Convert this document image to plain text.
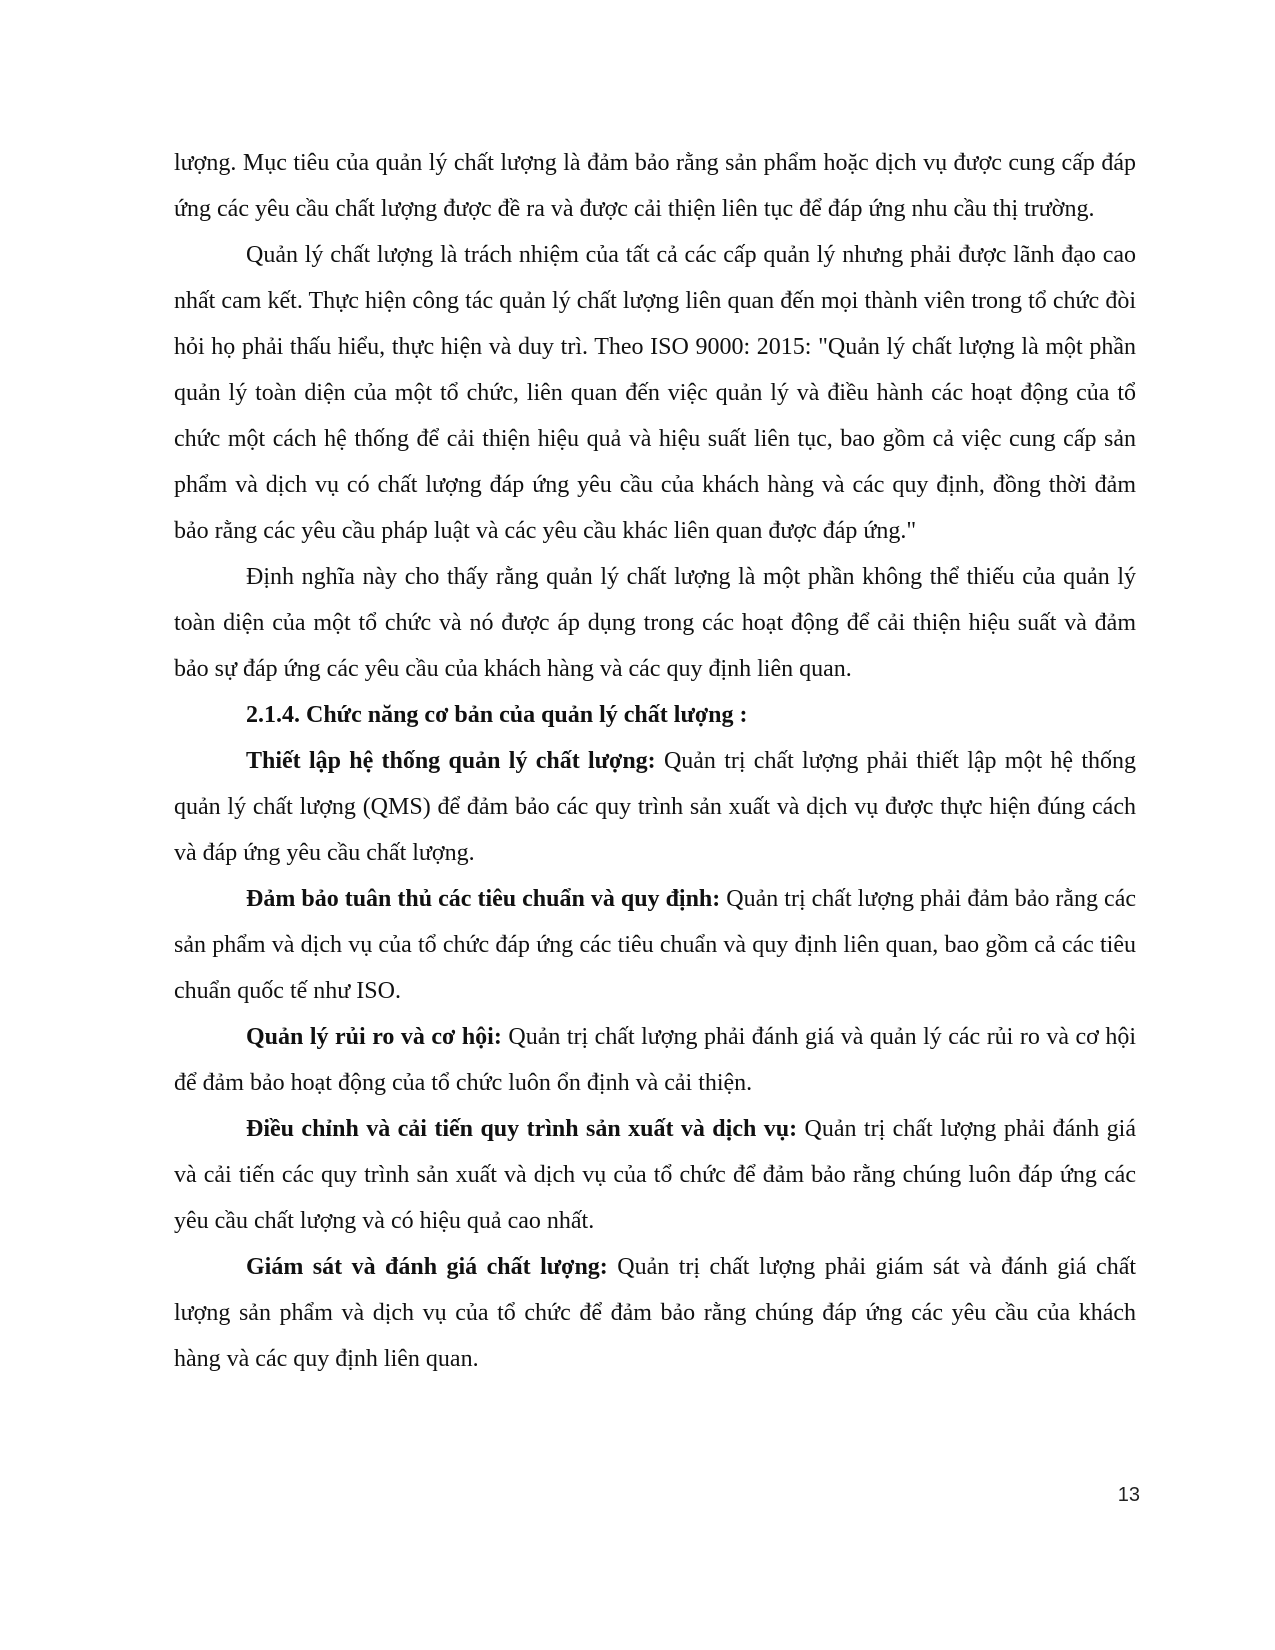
lượng. Mục tiêu của quản lý chất lượng là đảm bảo rằng sản phẩm hoặc dịch vụ được cung cấp đáp ứng các yêu cầu chất lượng được đề ra và được cải thiện liên tục để đáp ứng nhu cầu thị trường.

Quản lý chất lượng là trách nhiệm của tất cả các cấp quản lý nhưng phải được lãnh đạo cao nhất cam kết. Thực hiện công tác quản lý chất lượng liên quan đến mọi thành viên trong tổ chức đòi hỏi họ phải thấu hiểu, thực hiện và duy trì. Theo ISO 9000: 2015: "Quản lý chất lượng là một phần quản lý toàn diện của một tổ chức, liên quan đến việc quản lý và điều hành các hoạt động của tổ chức một cách hệ thống để cải thiện hiệu quả và hiệu suất liên tục, bao gồm cả việc cung cấp sản phẩm và dịch vụ có chất lượng đáp ứng yêu cầu của khách hàng và các quy định, đồng thời đảm bảo rằng các yêu cầu pháp luật và các yêu cầu khác liên quan được đáp ứng."

Định nghĩa này cho thấy rằng quản lý chất lượng là một phần không thể thiếu của quản lý toàn diện của một tổ chức và nó được áp dụng trong các hoạt động để cải thiện hiệu suất và đảm bảo sự đáp ứng các yêu cầu của khách hàng và các quy định liên quan.

2.1.4. Chức năng cơ bản của quản lý chất lượng :

Thiết lập hệ thống quản lý chất lượng: Quản trị chất lượng phải thiết lập một hệ thống quản lý chất lượng (QMS) để đảm bảo các quy trình sản xuất và dịch vụ được thực hiện đúng cách và đáp ứng yêu cầu chất lượng.

Đảm bảo tuân thủ các tiêu chuẩn và quy định: Quản trị chất lượng phải đảm bảo rằng các sản phẩm và dịch vụ của tổ chức đáp ứng các tiêu chuẩn và quy định liên quan, bao gồm cả các tiêu chuẩn quốc tế như ISO.

Quản lý rủi ro và cơ hội: Quản trị chất lượng phải đánh giá và quản lý các rủi ro và cơ hội để đảm bảo hoạt động của tổ chức luôn ổn định và cải thiện.

Điều chỉnh và cải tiến quy trình sản xuất và dịch vụ: Quản trị chất lượng phải đánh giá và cải tiến các quy trình sản xuất và dịch vụ của tổ chức để đảm bảo rằng chúng luôn đáp ứng các yêu cầu chất lượng và có hiệu quả cao nhất.

Giám sát và đánh giá chất lượng: Quản trị chất lượng phải giám sát và đánh giá chất lượng sản phẩm và dịch vụ của tổ chức để đảm bảo rằng chúng đáp ứng các yêu cầu của khách hàng và các quy định liên quan.

13
